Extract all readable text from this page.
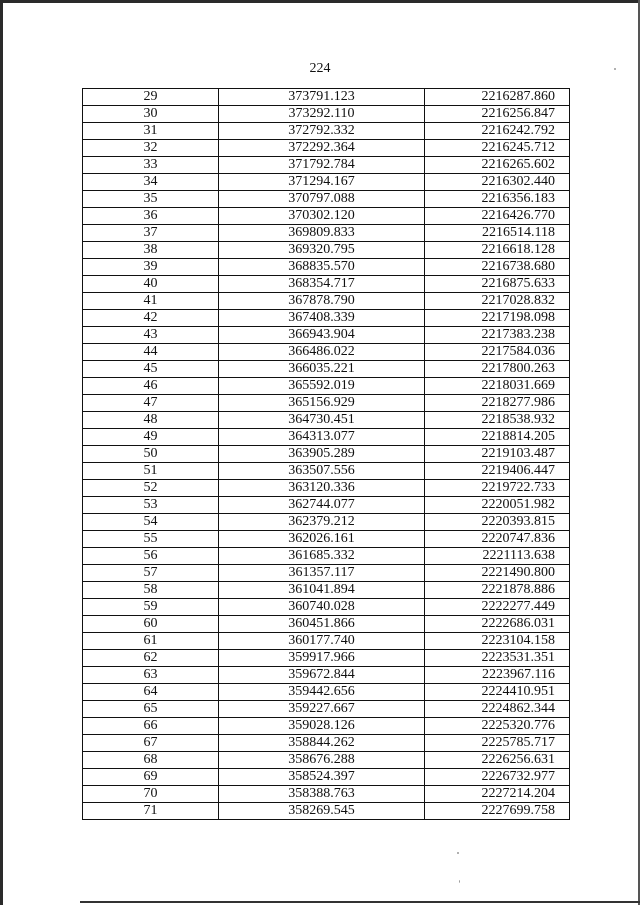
224
29	373791.123	2216287.860
30	373292.110	2216256.847
31	372792.332	2216242.792
32	372292.364	2216245.712
33	371792.784	2216265.602
34	371294.167	2216302.440
35	370797.088	2216356.183
36	370302.120	2216426.770
37	369809.833	2216514.118
38	369320.795	2216618.128
39	368835.570	2216738.680
40	368354.717	2216875.633
41	367878.790	2217028.832
42	367408.339	2217198.098
43	366943.904	2217383.238
44	366486.022	2217584.036
45	366035.221	2217800.263
46	365592.019	2218031.669
47	365156.929	2218277.986
48	364730.451	2218538.932
49	364313.077	2218814.205
50	363905.289	2219103.487
51	363507.556	2219406.447
52	363120.336	2219722.733
53	362744.077	2220051.982
54	362379.212	2220393.815
55	362026.161	2220747.836
56	361685.332	2221113.638
57	361357.117	2221490.800
58	361041.894	2221878.886
59	360740.028	2222277.449
60	360451.866	2222686.031
61	360177.740	2223104.158
62	359917.966	2223531.351
63	359672.844	2223967.116
64	359442.656	2224410.951
65	359227.667	2224862.344
66	359028.126	2225320.776
67	358844.262	2225785.717
68	358676.288	2226256.631
69	358524.397	2226732.977
70	358388.763	2227214.204
71	358269.545	2227699.758
